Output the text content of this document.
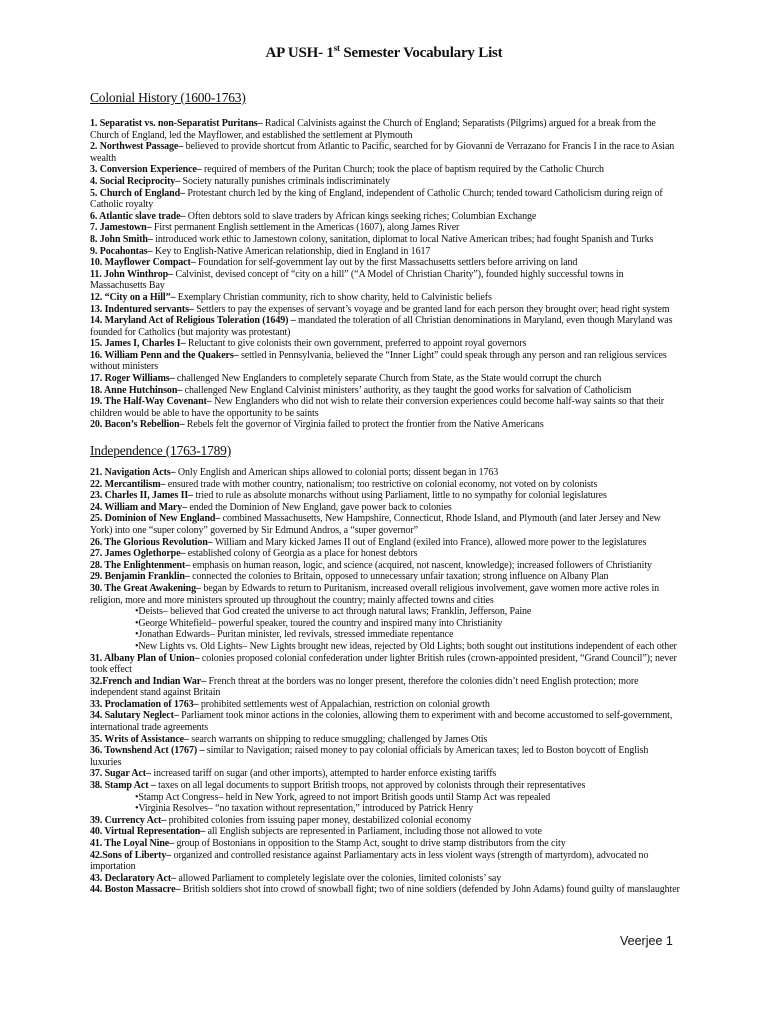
AP USH- 1st Semester Vocabulary List
Colonial History (1600-1763)
1. Separatist vs. non-Separatist Puritans– Radical Calvinists against the Church of England; Separatists (Pilgrims) argued for a break from the Church of England, led the Mayflower, and established the settlement at Plymouth
2. Northwest Passage– believed to provide shortcut from Atlantic to Pacific, searched for by Giovanni de Verrazano for Francis I in the race to Asian wealth
3. Conversion Experience– required of members of the Puritan Church; took the place of baptism required by the Catholic Church
4. Social Reciprocity– Society naturally punishes criminals indiscriminately
5. Church of England– Protestant church led by the king of England, independent of Catholic Church; tended toward Catholicism during reign of Catholic royalty
6. Atlantic slave trade– Often debtors sold to slave traders by African kings seeking riches; Columbian Exchange
7. Jamestown– First permanent English settlement in the Americas (1607), along James River
8. John Smith– introduced work ethic to Jamestown colony, sanitation, diplomat to local Native American tribes; had fought Spanish and Turks
9. Pocahontas– Key to English-Native American relationship, died in England in 1617
10. Mayflower Compact– Foundation for self-government lay out by the first Massachusetts settlers before arriving on land
11. John Winthrop– Calvinist, devised concept of “city on a hill” (“A Model of Christian Charity”), founded highly successful towns in Massachusetts Bay
12. “City on a Hill”– Exemplary Christian community, rich to show charity, held to Calvinistic beliefs
13. Indentured servants– Settlers to pay the expenses of servant’s voyage and be granted land for each person they brought over; head right system
14. Maryland Act of Religious Toleration (1649) – mandated the toleration of all Christian denominations in Maryland, even though Maryland was founded for Catholics (but majority was protestant)
15. James I, Charles I– Reluctant to give colonists their own government, preferred to appoint royal governors
16. William Penn and the Quakers– settled in Pennsylvania, believed the “Inner Light” could speak through any person and ran religious services without ministers
17. Roger Williams– challenged New Englanders to completely separate Church from State, as the State would corrupt the church
18. Anne Hutchinson– challenged New England Calvinist ministers’ authority, as they taught the good works for salvation of Catholicism
19. The Half-Way Covenant– New Englanders who did not wish to relate their conversion experiences could become half-way saints so that their children would be able to have the opportunity to be saints
20. Bacon’s Rebellion– Rebels felt the governor of Virginia failed to protect the frontier from the Native Americans
Independence (1763-1789)
21. Navigation Acts– Only English and American ships allowed to colonial ports; dissent began in 1763
22. Mercantilism– ensured trade with mother country, nationalism; too restrictive on colonial economy, not voted on by colonists
23. Charles II, James II– tried to rule as absolute monarchs without using Parliament, little to no sympathy for colonial legislatures
24. William and Mary– ended the Dominion of New England, gave power back to colonies
25. Dominion of New England– combined Massachusetts, New Hampshire, Connecticut, Rhode Island, and Plymouth (and later Jersey and New York) into one “super colony” governed by Sir Edmund Andros, a “super governor”
26. The Glorious Revolution– William and Mary kicked James II out of England (exiled into France), allowed more power to the legislatures
27. James Oglethorpe– established colony of Georgia as a place for honest debtors
28. The Enlightenment– emphasis on human reason, logic, and science (acquired, not nascent, knowledge); increased followers of Christianity
29. Benjamin Franklin– connected the colonies to Britain, opposed to unnecessary unfair taxation; strong influence on Albany Plan
30. The Great Awakening– began by Edwards to return to Puritanism, increased overall religious involvement, gave women more active roles in religion, more and more ministers sprouted up throughout the country; mainly affected towns and cities
•Deists– believed that God created the universe to act through natural laws; Franklin, Jefferson, Paine
•George Whitefield– powerful speaker, toured the country and inspired many into Christianity
•Jonathan Edwards– Puritan minister, led revivals, stressed immediate repentance
•New Lights vs. Old Lights– New Lights brought new ideas, rejected by Old Lights; both sought out institutions independent of each other
31. Albany Plan of Union– colonies proposed colonial confederation under lighter British rules (crown-appointed president, “Grand Council”); never took effect
32.French and Indian War– French threat at the borders was no longer present, therefore the colonies didn’t need English protection; more independent stand against Britain
33. Proclamation of 1763– prohibited settlements west of Appalachian, restriction on colonial growth
34. Salutary Neglect– Parliament took minor actions in the colonies, allowing them to experiment with and become accustomed to self-government, international trade agreements
35. Writs of Assistance– search warrants on shipping to reduce smuggling; challenged by James Otis
36. Townshend Act (1767) – similar to Navigation; raised money to pay colonial officials by American taxes; led to Boston boycott of English luxuries
37. Sugar Act– increased tariff on sugar (and other imports), attempted to harder enforce existing tariffs
38. Stamp Act – taxes on all legal documents to support British troops, not approved by colonists through their representatives
•Stamp Act Congress– held in New York, agreed to not import British goods until Stamp Act was repealed
•Virginia Resolves– “no taxation without representation,” introduced by Patrick Henry
39. Currency Act– prohibited colonies from issuing paper money, destabilized colonial economy
40. Virtual Representation– all English subjects are represented in Parliament, including those not allowed to vote
41. The Loyal Nine– group of Bostonians in opposition to the Stamp Act, sought to drive stamp distributors from the city
42.Sons of Liberty– organized and controlled resistance against Parliamentary acts in less violent ways (strength of martyrdom), advocated no importation
43. Declaratory Act– allowed Parliament to completely legislate over the colonies, limited colonists’ say
44. Boston Massacre– British soldiers shot into crowd of snowball fight; two of nine soldiers (defended by John Adams) found guilty of manslaughter
Veerjee 1
